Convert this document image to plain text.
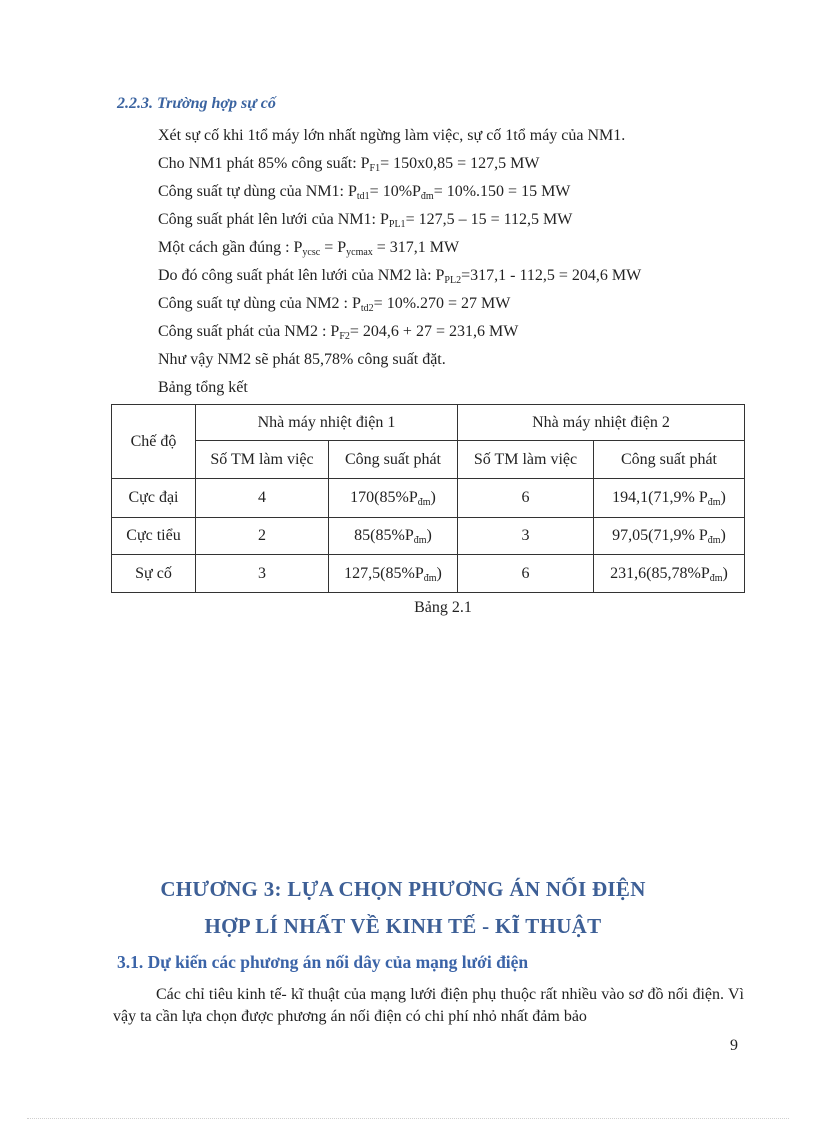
2.2.3. Trường hợp sự cố
Xét sự cố khi 1tổ máy lớn nhất ngừng làm việc, sự cố 1tổ máy của NM1.
Cho NM1 phát 85% công suất: $P_{F1}= 150x0,85 = 127,5$ MW
Công suất tự dùng của NM1: $P_{td1}= 10\%P_{đm}= 10\%.150 = 15$ MW
Công suất phát lên lưới của NM1: $P_{PL1}= 127,5 - 15 = 112,5$ MW
Một cách gần đúng : $P_{ycsc} = P_{ycmax} = 317,1$ MW
Do đó công suất phát lên lưới của NM2 là: $P_{PL2}=317,1 - 112,5 = 204,6$ MW
Công suất tự dùng của NM2 : $P_{td2}= 10\%.270 = 27$ MW
Công suất phát của NM2 : $P_{F2}= 204,6 + 27 = 231,6$ MW
Như vậy NM2 sẽ phát 85,78% công suất đặt.
Bảng tổng kết
Chế độ	Nhà máy nhiệt điện 1		Nhà máy nhiệt điện 2	
	Số TM làm việc	Công suất phát	Số TM làm việc	Công suất phát
Cực đại	4	$170(85\%P_{đm})$	6	194,1(71,9% $P_{đm}$)
Cực tiểu	2	$85(85\%P_{đm})$	3	97,05(71,9% $P_{đm}$)
Sự cố	3	$127,5(85\%P_{đm})$	6	$231,6(85,78\%P_{đm})$
Bảng 2.1
CHƯƠNG 3: LỰA CHỌN PHƯƠNG ÁN NỐI ĐIỆN
HỢP LÍ NHẤT VỀ KINH TẾ - KĨ THUẬT
3.1. Dự kiến các phương án nối dây của mạng lưới điện
Các chỉ tiêu kinh tế- kĩ thuật của mạng lưới điện phụ thuộc rất nhiều vào sơ đồ nối điện. Vì vậy ta cần lựa chọn được phương án nối điện có chi phí nhỏ nhất đảm bảo
9
